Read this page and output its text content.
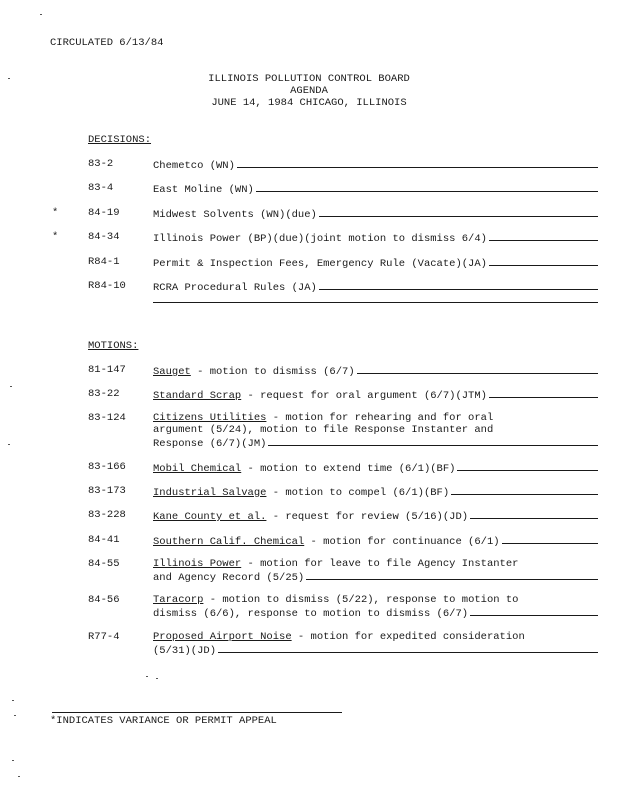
CIRCULATED 6/13/84
ILLINOIS POLLUTION CONTROL BOARD
AGENDA
JUNE 14, 1984 CHICAGO, ILLINOIS
DECISIONS:
83-2	Chemetco (WN)
83-4	East Moline (WN)
*	84-19	Midwest Solvents (WN)(due)
*	84-34	Illinois Power (BP)(due)(joint motion to dismiss 6/4)
R84-1	Permit & Inspection Fees, Emergency Rule (Vacate)(JA)
R84-10	RCRA Procedural Rules (JA)
MOTIONS:
81-147	Sauget - motion to dismiss (6/7)
83-22	Standard Scrap - request for oral argument (6/7)(JTM)
83-124	Citizens Utilities - motion for rehearing and for oral
argument (5/24), motion to file Response Instanter and
Response (6/7)(JM)
83-166	Mobil Chemical - motion to extend time (6/1)(BF)
83-173	Industrial Salvage - motion to compel (6/1)(BF)
83-228	Kane County et al. - request for review (5/16)(JD)
84-41	Southern Calif. Chemical - motion for continuance (6/1)
84-55	Illinois Power - motion for leave to file Agency Instanter
and Agency Record (5/25)
84-56	Taracorp - motion to dismiss (5/22), response to motion to
dismiss (6/6), response to motion to dismiss (6/7)
R77-4	Proposed Airport Noise - motion for expedited consideration
(5/31)(JD)
*INDICATES VARIANCE OR PERMIT APPEAL
